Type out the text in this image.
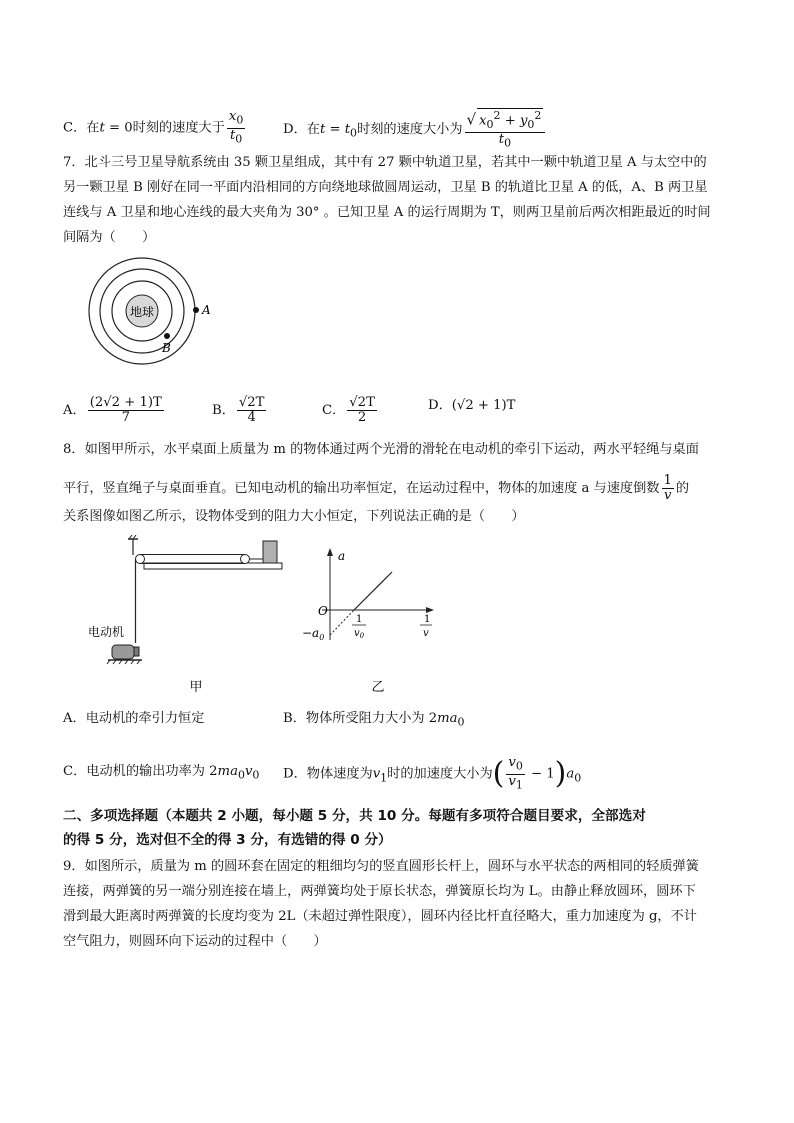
C．在t = 0时刻的速度大于 $\frac{x_0}{t_0}$	D．在$t = t_0$时刻的速度大小为 $\frac{√ x_0^2 + y_0^2}{t_0}$
7．北斗三号卫星导航系统由 35 颗卫星组成，其中有 27 颗中轨道卫星，若其中一颗中轨道卫星 A 与太空中的
另一颗卫星 B 刚好在同一平面内沿相同的方向绕地球做圆周运动，卫星 B 的轨道比卫星 A 的低，A、B 两卫星
连线与 A 卫星和地心连线的最大夹角为 30° 。已知卫星 A 的运行周期为 T，则两卫星前后两次相距最近的时间
间隔为（　　）
地球	A
B
A． $\frac{(2√2 + 1)T}{7}$	B． $\frac{√2T}{4}$	C． $\frac{√2T}{2}$	D．(√2 + 1)T
8．如图甲所示，水平桌面上质量为 m 的物体通过两个光滑的滑轮在电动机的牵引下运动，两水平轻绳与桌面
平行，竖直绳子与桌面垂直。已知电动机的输出功率恒定，在运动过程中，物体的加速度 a 与速度倒数 $\frac{1}{v}$ 的
关系图像如图乙所示，设物体受到的阻力大小恒定，下列说法正确的是（　　）
电动机
甲
a
O
$-a_0$
1
$v_0$
1
v
乙
A．电动机的牵引力恒定	B．物体所受阻力大小为 $2ma_0$
C．电动机的输出功率为 $2ma_0v_0$ D．物体速度为$v_1$时的加速度大小为( $\frac{v_0}{v_1} - 1)a_0$
二、多项选择题（本题共 2 小题，每小题 5 分，共 10 分。每题有多项符合题目要求，全部选对
的得 5 分，选对但不全的得 3 分，有选错的得 0 分）
9．如图所示，质量为 m 的圆环套在固定的粗细均匀的竖直圆形长杆上，圆环与水平状态的两相同的轻质弹簧
连接，两弹簧的另一端分别连接在墙上，两弹簧均处于原长状态，弹簧原长均为 L。由静止释放圆环，圆环下
滑到最大距离时两弹簧的长度均变为 2L（未超过弹性限度），圆环内径比杆直径略大，重力加速度为 g，不计
空气阻力，则圆环向下运动的过程中（　　）
